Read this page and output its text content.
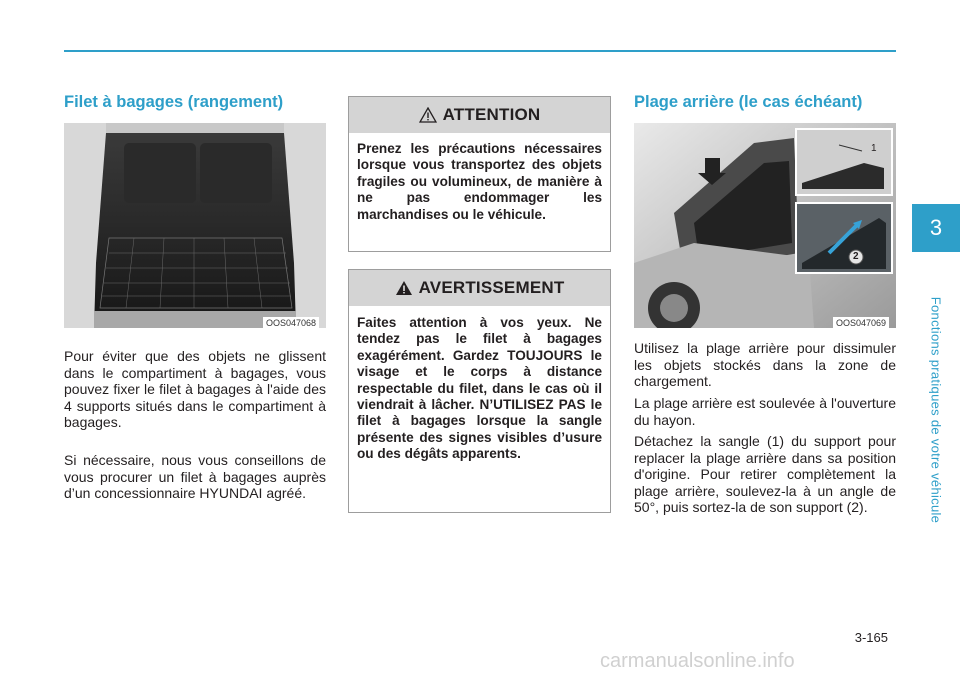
Filet à bagages (rangement)
OOS047068

Pour éviter que des objets ne glissent dans le compartiment à bagages, vous pouvez fixer le filet à bagages à l'aide des 4 supports situés dans le compartiment à bagages.

Si nécessaire, nous vous conseillons de vous procurer un filet à bagages auprès d’un concessionnaire HYUNDAI agréé.

ATTENTION
Prenez les précautions nécessaires lorsque vous transportez des objets fragiles ou volumineux, de manière à ne pas endommager les marchandises ou le véhicule.
AVERTISSEMENT
Faites attention à vos yeux. Ne tendez pas le filet à bagages exagérément. Gardez TOUJOURS le visage et le corps à distance respectable du filet, dans le cas où il viendrait à lâcher. N’UTILISEZ PAS le filet à bagages lorsque la sangle présente des signes visibles d’usure ou des dégâts apparents.
Plage arrière (le cas échéant)
1
2
OOS047069

Utilisez la plage arrière pour dissimuler les objets stockés dans la zone de chargement.

La plage arrière est soulevée à l'ouverture du hayon.

Détachez la sangle (1) du support pour replacer la plage arrière dans sa position d'origine. Pour retirer complètement la plage arrière, soulevez-la à un angle de 50°, puis sortez-la de son support (2).

3
Fonctions pratiques de votre véhicule
3-165
carmanualsonline.info
